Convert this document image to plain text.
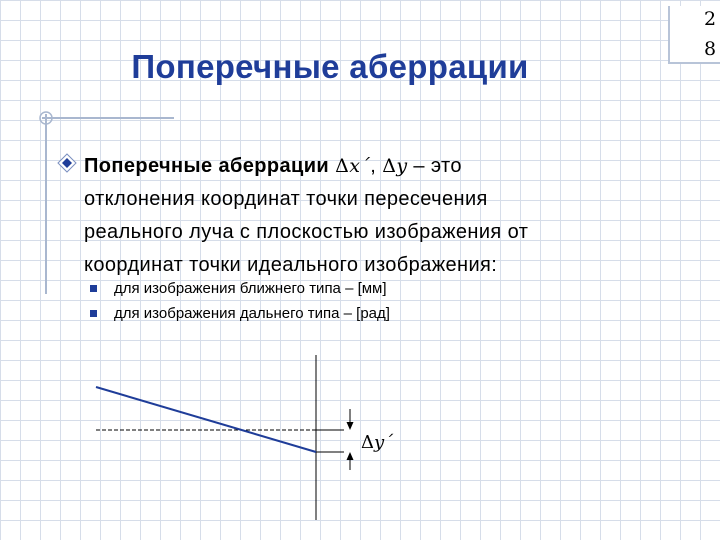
2
8
Поперечные аберрации
Поперечные аберрации Δx´, Δy – это
отклонения координат точки пересечения
реального луча с плоскостью изображения от
координат точки идеального изображения:
для изображения ближнего типа – [мм]
для изображения дальнего типа – [рад]
Δy´
